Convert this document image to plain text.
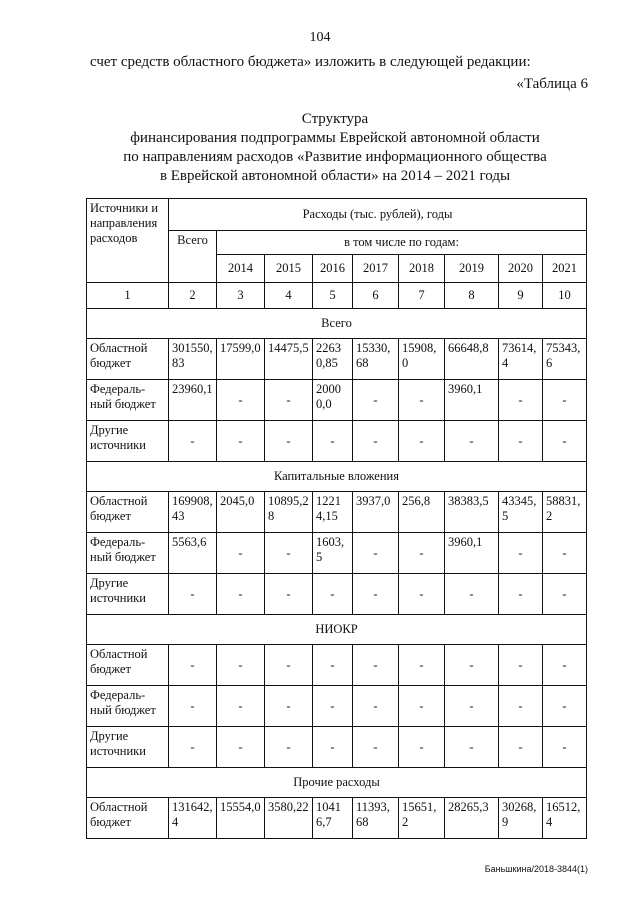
104
счет средств областного бюджета» изложить в следующей редакции:
«Таблица 6
Структура
финансирования подпрограммы Еврейской автономной области
по направлениям расходов «Развитие информационного общества
в Еврейской автономной области» на 2014 – 2021 годы
Источники и направления расходов	Расходы (тыс. рублей), годы								
	Всего	в том числе по годам:							
		2014	2015	2016	2017	2018	2019	2020	2021
1	2	3	4	5	6	7	8	9	10
Всего									
Областной бюджет	301550,83	17599,0	14475,5	22630,85	15330,68	15908,0	66648,8	73614,4	75343,6
Федераль-ный бюджет	23960,1	-	-	20000,0	-	-	3960,1	-	-
Другие источники	-	-	-	-	-	-	-	-	-
Капитальные вложения									
Областной бюджет	169908,43	2045,0	10895,28	12214,15	3937,0	256,8	38383,5	43345,5	58831,2
Федераль-ный бюджет	5563,6	-	-	1603,5	-	-	3960,1	-	-
Другие источники	-	-	-	-	-	-	-	-	-
НИОКР									
Областной бюджет	-	-	-	-	-	-	-	-	-
Федераль-ный бюджет	-	-	-	-	-	-	-	-	-
Другие источники	-	-	-	-	-	-	-	-	-
Прочие расходы									
Областной бюджет	131642,4	15554,0	3580,22	10416,7	11393,68	15651,2	28265,3	30268,9	16512,4
Баньшкина/2018-3844(1)
